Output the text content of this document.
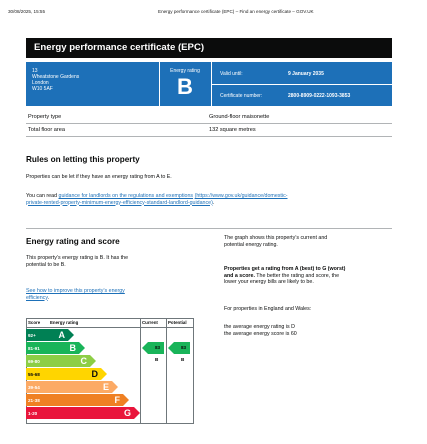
30/08/2025, 15:55	Energy performance certificate (EPC) – Find an energy certificate – GOV.UK
Energy performance certificate (EPC)
13
Wheatstone Gardens
London
W10 5AF
Energy rating
B	Valid until:	9 January 2035
Certificate number:	2800-8909-0222-1093-3853
Property type	Ground-floor maisonette
Total floor area	132 square metres
Rules on letting this property
Properties can be let if they have an energy rating from A to E.
You can read guidance for landlords on the regulations and exemptions (https://www.gov.uk/guidance/domestic-
private-rented-property-minimum-energy-efficiency-standard-landlord-guidance).
Energy rating and score
This property’s energy rating is B. It has the
potential to be B.
See how to improve this property’s energy
efficiency.
The graph shows this property’s current and
potential energy rating.
Properties get a rating from A (best) to G (worst)
and a score. The better the rating and score, the
lower your energy bills are likely to be.
For properties in England and Wales:
the average energy rating is D
the average energy score is 60
Score Energy rating	Current Potential
92+	A
81-91	B
69-80	C
55-68	D
39-54	E
21-38	F
1-20	G
83 B
83 B
